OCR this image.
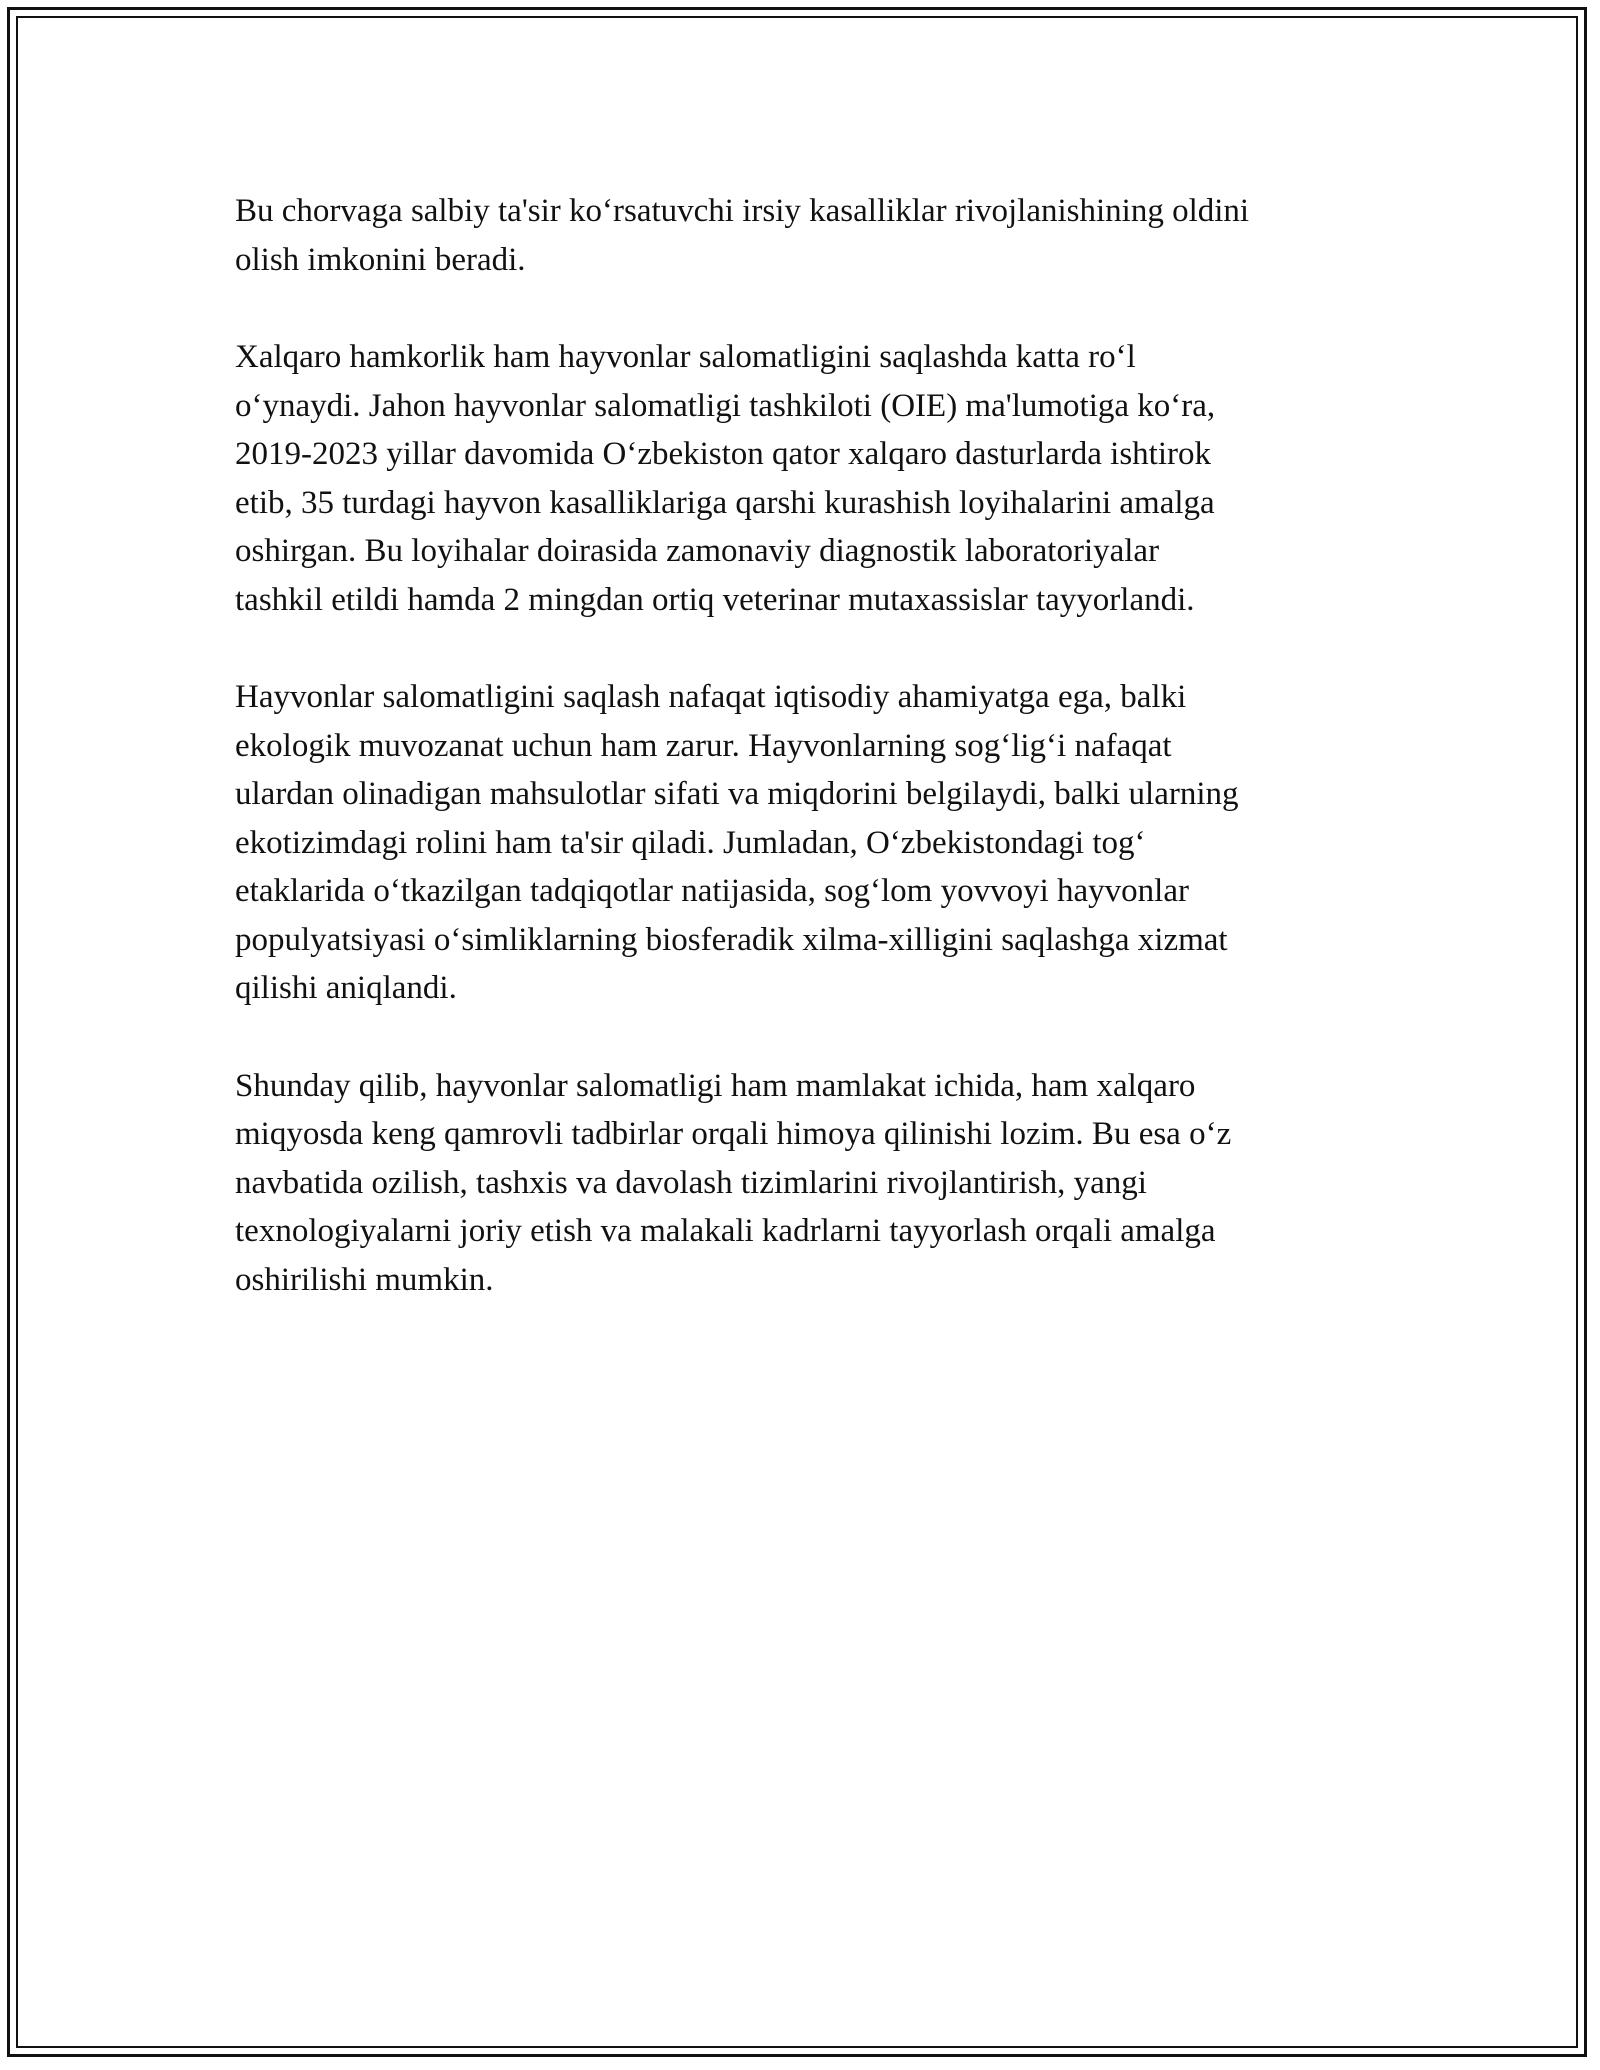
Bu chorvaga salbiy ta'sir koʻrsatuvchi irsiy kasalliklar rivojlanishining oldini
olish imkonini beradi.

Xalqaro hamkorlik ham hayvonlar salomatligini saqlashda katta roʻl
oʻynaydi. Jahon hayvonlar salomatligi tashkiloti (OIE) ma'lumotiga koʻra,
2019-2023 yillar davomida Oʻzbekiston qator xalqaro dasturlarda ishtirok
etib, 35 turdagi hayvon kasalliklariga qarshi kurashish loyihalarini amalga
oshirgan. Bu loyihalar doirasida zamonaviy diagnostik laboratoriyalar
tashkil etildi hamda 2 mingdan ortiq veterinar mutaxassislar tayyorlandi.

Hayvonlar salomatligini saqlash nafaqat iqtisodiy ahamiyatga ega, balki
ekologik muvozanat uchun ham zarur. Hayvonlarning sogʻligʻi nafaqat
ulardan olinadigan mahsulotlar sifati va miqdorini belgilaydi, balki ularning
ekotizimdagi rolini ham ta'sir qiladi. Jumladan, Oʻzbekistondagi togʻ
etaklarida oʻtkazilgan tadqiqotlar natijasida, sogʻlom yovvoyi hayvonlar
populyatsiyasi oʻsimliklarning biosferadik xilma-xilligini saqlashga xizmat
qilishi aniqlandi.

Shunday qilib, hayvonlar salomatligi ham mamlakat ichida, ham xalqaro
miqyosda keng qamrovli tadbirlar orqali himoya qilinishi lozim. Bu esa oʻz
navbatida ozilish, tashxis va davolash tizimlarini rivojlantirish, yangi
texnologiyalarni joriy etish va malakali kadrlarni tayyorlash orqali amalga
oshirilishi mumkin.
